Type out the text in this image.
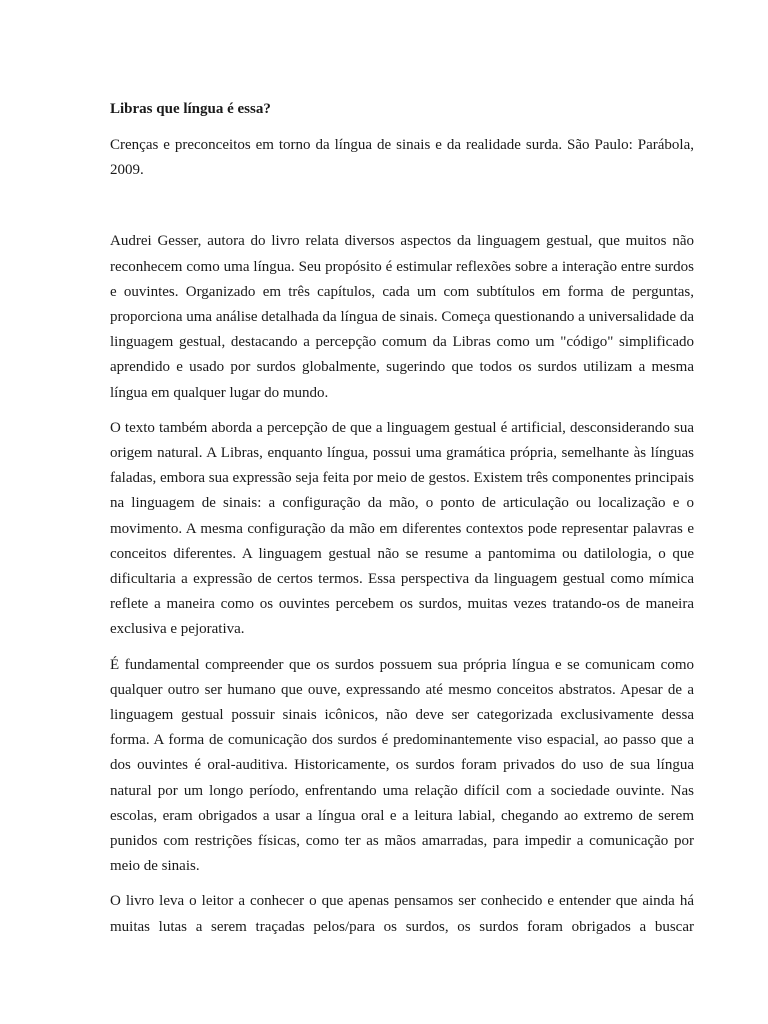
Libras que língua é essa?

Crenças e preconceitos em torno da língua de sinais e da realidade surda. São Paulo: Parábola, 2009.

Audrei Gesser, autora do livro relata diversos aspectos da linguagem gestual, que muitos não reconhecem como uma língua. Seu propósito é estimular reflexões sobre a interação entre surdos e ouvintes. Organizado em três capítulos, cada um com subtítulos em forma de perguntas, proporciona uma análise detalhada da língua de sinais. Começa questionando a universalidade da linguagem gestual, destacando a percepção comum da Libras como um "código" simplificado aprendido e usado por surdos globalmente, sugerindo que todos os surdos utilizam a mesma língua em qualquer lugar do mundo.

O texto também aborda a percepção de que a linguagem gestual é artificial, desconsiderando sua origem natural. A Libras, enquanto língua, possui uma gramática própria, semelhante às línguas faladas, embora sua expressão seja feita por meio de gestos. Existem três componentes principais na linguagem de sinais: a configuração da mão, o ponto de articulação ou localização e o movimento. A mesma configuração da mão em diferentes contextos pode representar palavras e conceitos diferentes. A linguagem gestual não se resume a pantomima ou datilologia, o que dificultaria a expressão de certos termos. Essa perspectiva da linguagem gestual como mímica reflete a maneira como os ouvintes percebem os surdos, muitas vezes tratando-os de maneira exclusiva e pejorativa.

É fundamental compreender que os surdos possuem sua própria língua e se comunicam como qualquer outro ser humano que ouve, expressando até mesmo conceitos abstratos. Apesar de a linguagem gestual possuir sinais icônicos, não deve ser categorizada exclusivamente dessa forma. A forma de comunicação dos surdos é predominantemente viso espacial, ao passo que a dos ouvintes é oral-auditiva. Historicamente, os surdos foram privados do uso de sua língua natural por um longo período, enfrentando uma relação difícil com a sociedade ouvinte. Nas escolas, eram obrigados a usar a língua oral e a leitura labial, chegando ao extremo de serem punidos com restrições físicas, como ter as mãos amarradas, para impedir a comunicação por meio de sinais.

O livro leva o leitor a conhecer o que apenas pensamos ser conhecido e entender que ainda há muitas lutas a serem traçadas pelos/para os surdos, os surdos foram obrigados a buscar
